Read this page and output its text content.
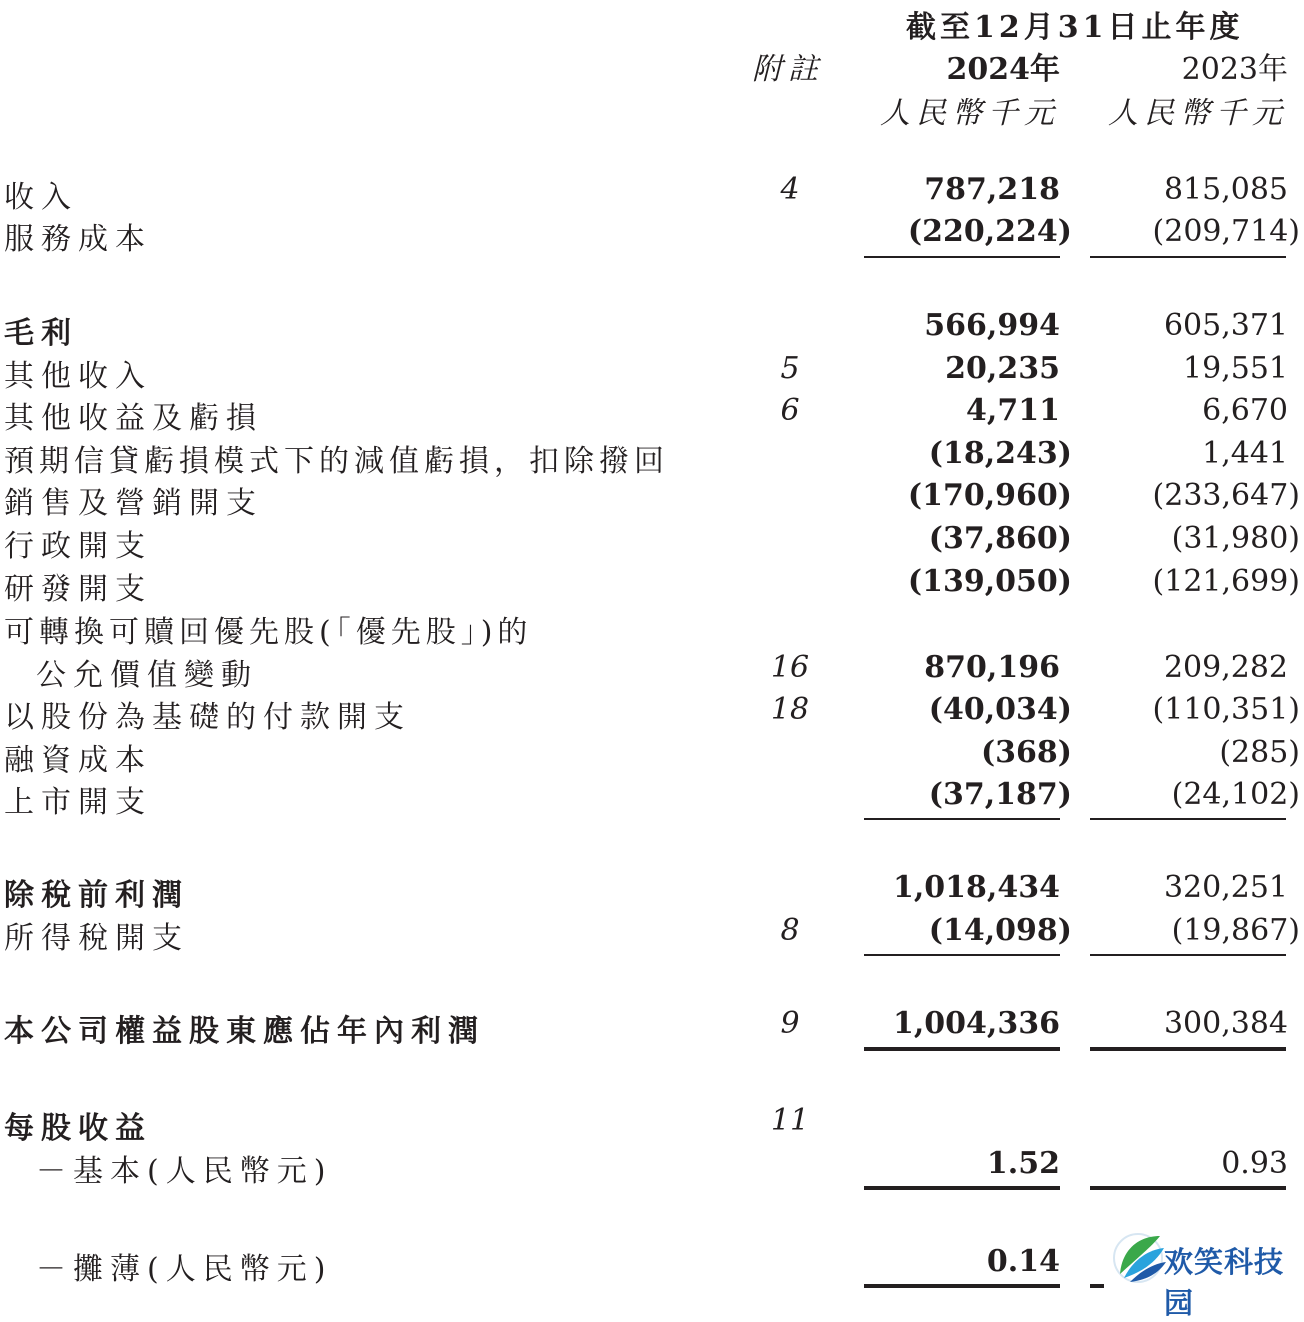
截至12月31日止年度
附註	2024年	2023年
人民幣千元 人民幣千元
收入	4	787,218	815,085
服務成本	(220,224)	(209,714)
毛利	566,994	605,371
其他收入	5	20,235	19,551
其他收益及虧損	6	4,711	6,670
預期信貸虧損模式下的減值虧損，扣除撥回	(18,243)	1,441
銷售及營銷開支	(170,960)	(233,647)
行政開支	(37,860)	(31,980)
研發開支	(139,050)	(121,699)
可轉換可贖回優先股(「優先股」)的
公允價值變動	16	870,196	209,282
以股份為基礎的付款開支	18	(40,034)	(110,351)
融資成本	(368)	(285)
上市開支	(37,187)	(24,102)
除稅前利潤	1,018,434	320,251
所得稅開支	8	(14,098)	(19,867)
本公司權益股東應佔年內利潤	9	1,004,336	300,384
每股收益	11
－基本(人民幣元)	1.52	0.93
－攤薄(人民幣元)	0.14	欢笑科技园
